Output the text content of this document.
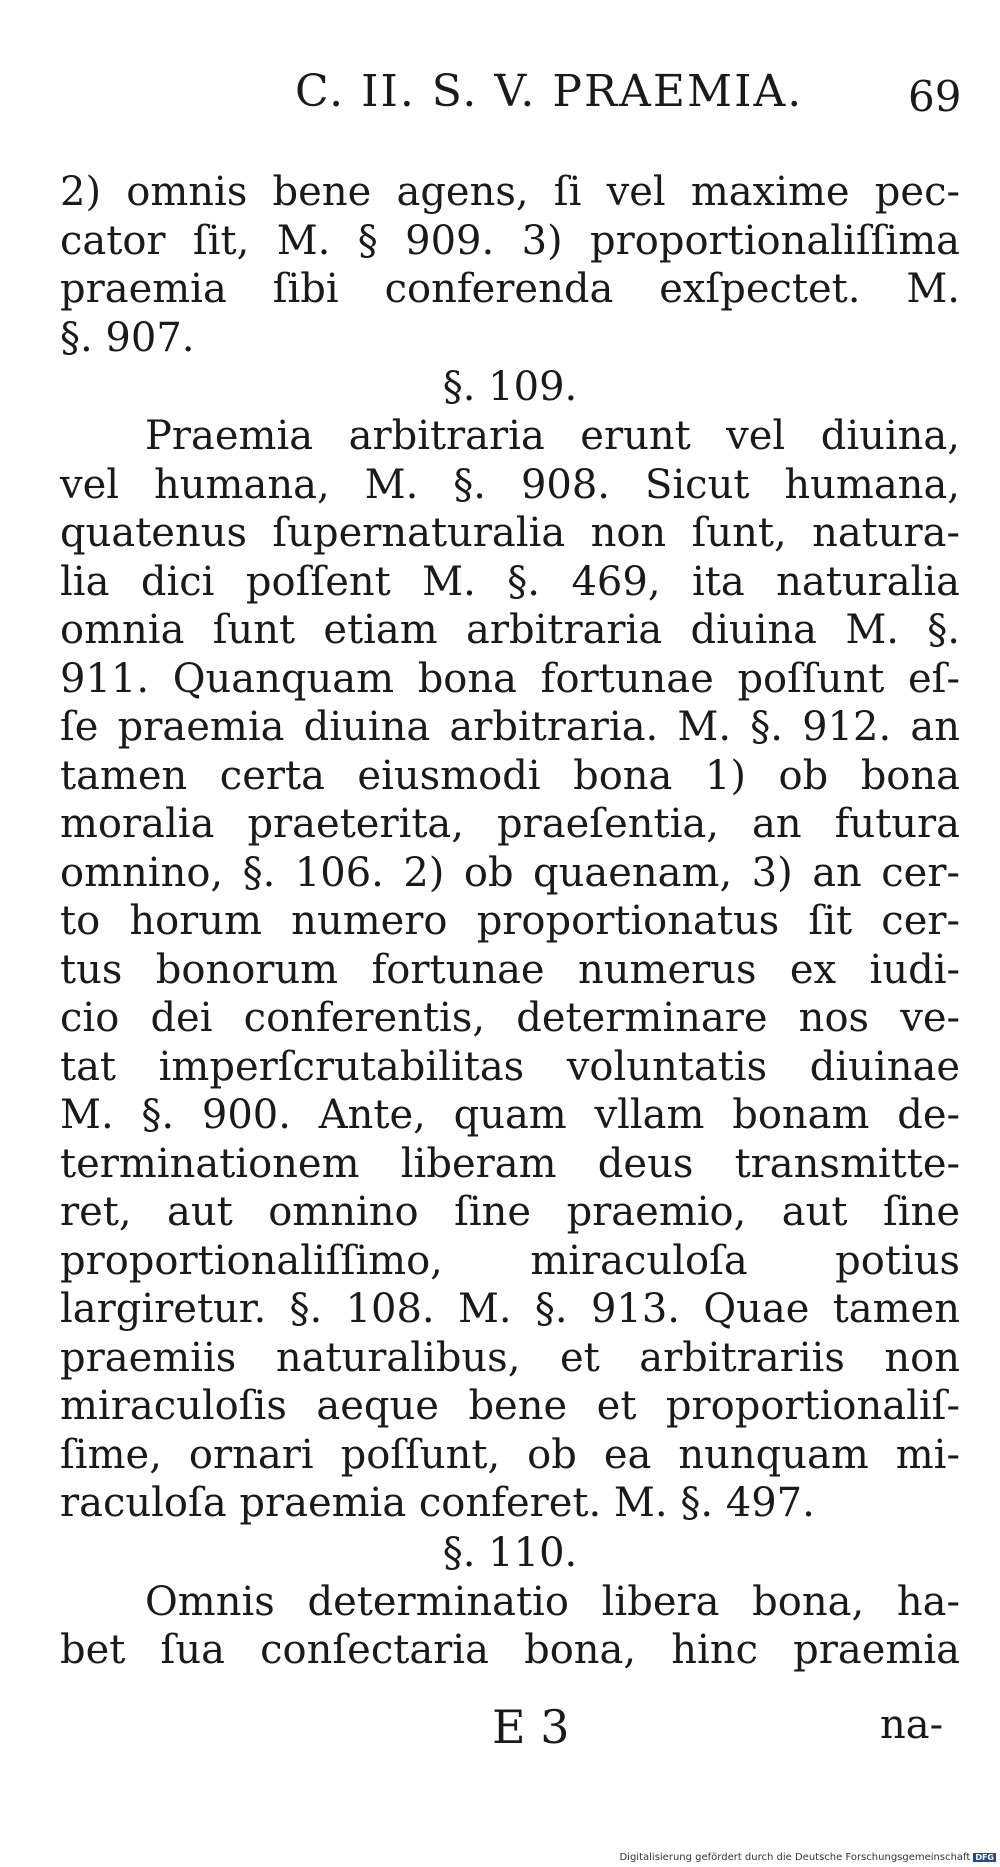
C. II. S. V. PRAEMIA. 69
2) omnis bene agens, ſi vel maxime pec-
cator ſit, M. § 909. 3) proportionaliſſima
praemia ſibi conferenda exſpectet. M.
§. 907.
§. 109.
Praemia arbitraria erunt vel diuina,
vel humana, M. §. 908. Sicut humana,
quatenus ſupernaturalia non ſunt, natura-
lia dici poſſent M. §. 469, ita naturalia
omnia ſunt etiam arbitraria diuina M. §.
911. Quanquam bona fortunae poſſunt eſ-
ſe praemia diuina arbitraria. M. §. 912. an
tamen certa eiusmodi bona 1) ob bona
moralia praeterita, praeſentia, an futura
omnino, §. 106. 2) ob quaenam, 3) an cer-
to horum numero proportionatus ſit cer-
tus bonorum fortunae numerus ex iudi-
cio dei conferentis, determinare nos ve-
tat imperſcrutabilitas voluntatis diuinae
M. §. 900. Ante, quam vllam bonam de-
terminationem liberam deus transmitte-
ret, aut omnino ſine praemio, aut ſine
proportionaliſſimo, miraculoſa potius
largiretur. §. 108. M. §. 913. Quae tamen
praemiis naturalibus, et arbitrariis non
miraculoſis aeque bene et proportionaliſ-
ſime, ornari poſſunt, ob ea nunquam mi-
raculoſa praemia conferet. M. §. 497.
§. 110.
Omnis determinatio libera bona, ha-
bet ſua conſectaria bona, hinc praemia
E 3	na-
Digitalisierung gefördert durch die Deutsche Forschungsgemeinschaft DFG
